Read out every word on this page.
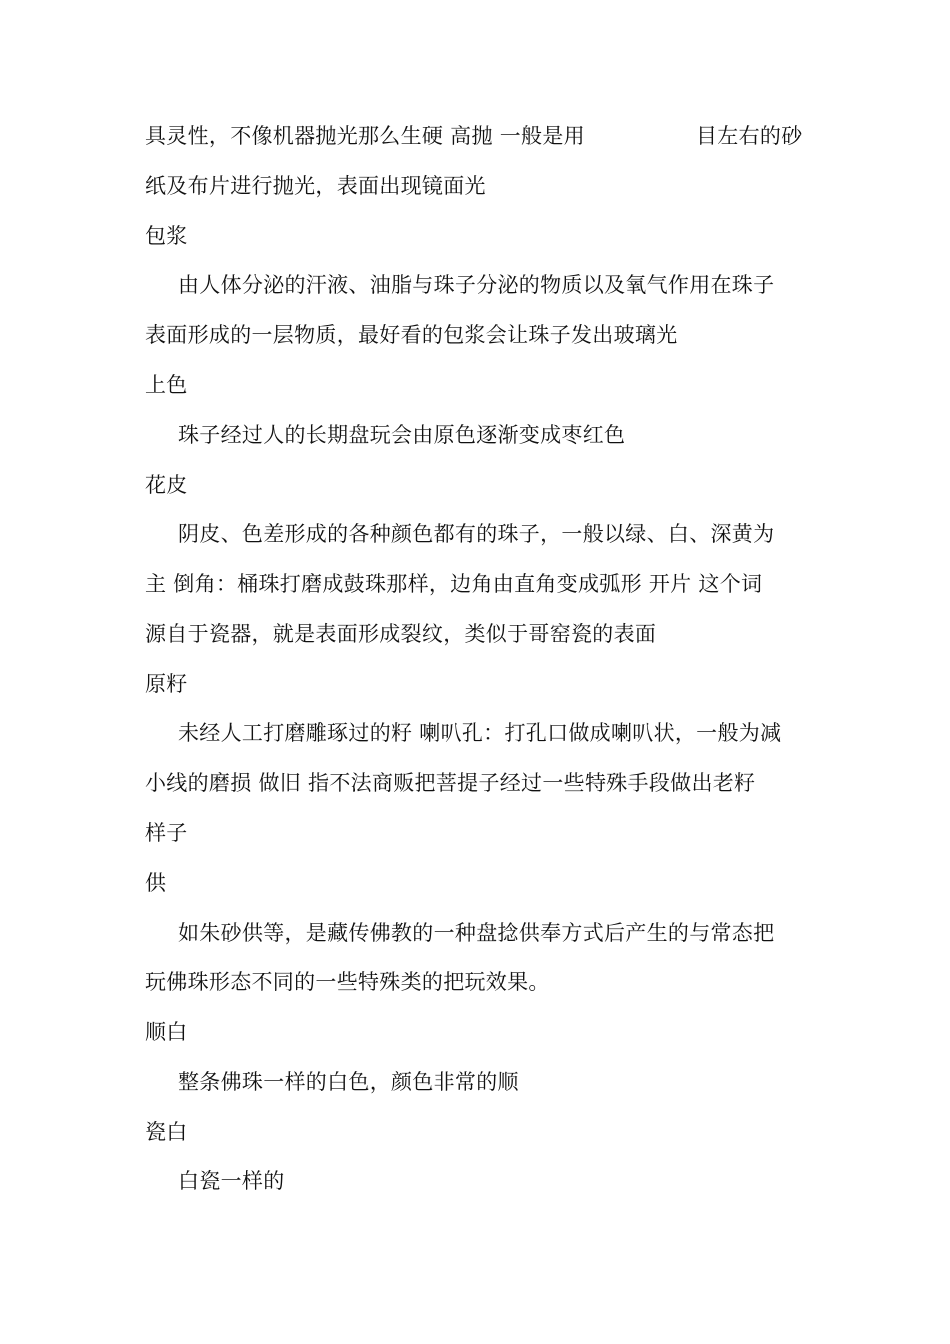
具灵性，不像机器抛光那么生硬 高抛 一般是用	目左右的砂
纸及布片进行抛光，表面出现镜面光
包浆
由人体分泌的汗液、油脂与珠子分泌的物质以及氧气作用在珠子
表面形成的一层物质，最好看的包浆会让珠子发出玻璃光
上色
珠子经过人的长期盘玩会由原色逐渐变成枣红色
花皮
阴皮、色差形成的各种颜色都有的珠子，一般以绿、白、深黄为
主 倒角：桶珠打磨成鼓珠那样，边角由直角变成弧形 开片 这个词
源自于瓷器，就是表面形成裂纹，类似于哥窑瓷的表面
原籽
未经人工打磨雕琢过的籽 喇叭孔：打孔口做成喇叭状，一般为减
小线的磨损 做旧 指不法商贩把菩提子经过一些特殊手段做出老籽
样子
供
如朱砂供等，是藏传佛教的一种盘捻供奉方式后产生的与常态把
玩佛珠形态不同的一些特殊类的把玩效果。
顺白
整条佛珠一样的白色，颜色非常的顺
瓷白
白瓷一样的
